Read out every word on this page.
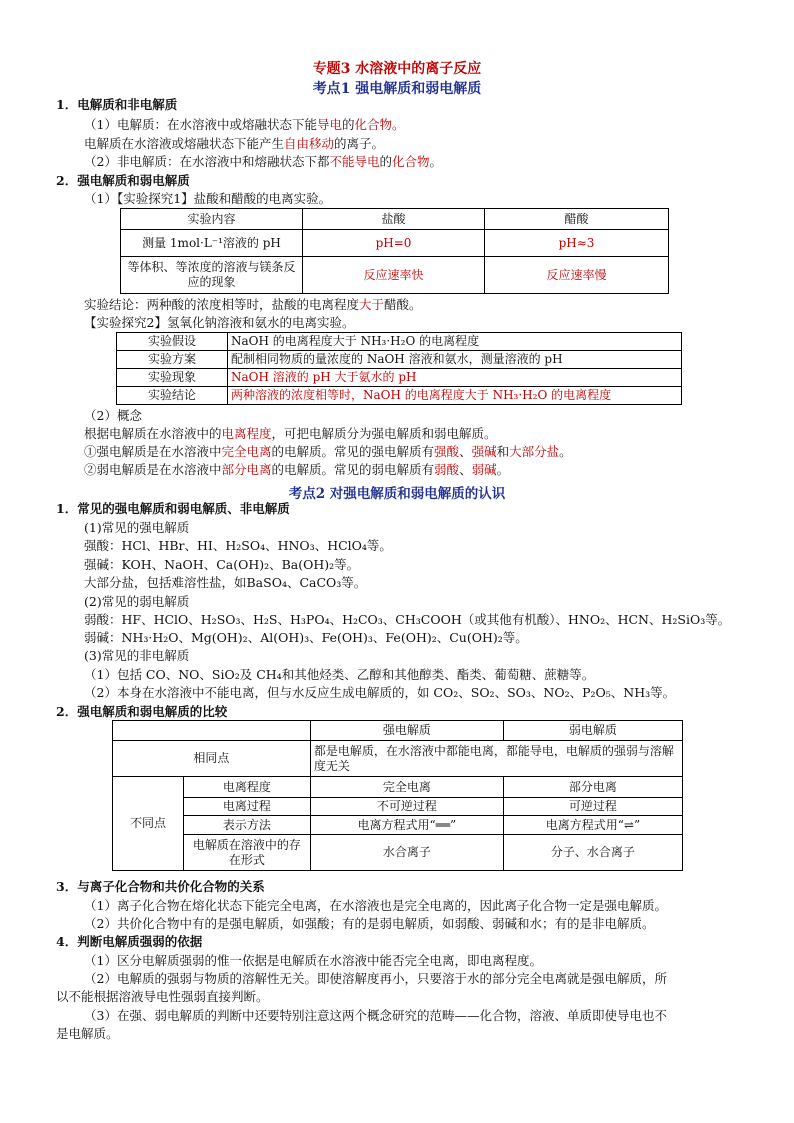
专题3 水溶液中的离子反应
考点1 强电解质和弱电解质
1．电解质和非电解质
（1）电解质：在水溶液中或熔融状态下能导电的化合物。
电解质在水溶液或熔融状态下能产生自由移动的离子。
（2）非电解质：在水溶液中和熔融状态下都不能导电的化合物。
2．强电解质和弱电解质
（1）【实验探究1】盐酸和醋酸的电离实验。
实验内容	盐酸	醋酸
测量 1mol·L⁻¹溶液的 pH	pH=0	pH≈3
等体积、等浓度的溶液与镁条反应的现象	反应速率快	反应速率慢
实验结论：两种酸的浓度相等时，盐酸的电离程度大于醋酸。
【实验探究2】氢氧化钠溶液和氨水的电离实验。
实验假设	NaOH 的电离程度大于 NH₃·H₂O 的电离程度
实验方案	配制相同物质的量浓度的 NaOH 溶液和氨水，测量溶液的 pH
实验现象	NaOH 溶液的 pH 大于氨水的 pH
实验结论	两种溶液的浓度相等时，NaOH 的电离程度大于 NH₃·H₂O 的电离程度
（2）概念
根据电解质在水溶液中的电离程度，可把电解质分为强电解质和弱电解质。
①强电解质是在水溶液中完全电离的电解质。常见的强电解质有强酸、强碱和大部分盐。
②弱电解质是在水溶液中部分电离的电解质。常见的弱电解质有弱酸、弱碱。
考点2 对强电解质和弱电解质的认识
1．常见的强电解质和弱电解质、非电解质
(1)常见的强电解质
强酸：HCl、HBr、HI、H₂SO₄、HNO₃、HClO₄等。
强碱：KOH、NaOH、Ca(OH)₂、Ba(OH)₂等。
大部分盐，包括难溶性盐，如BaSO₄、CaCO₃等。
(2)常见的弱电解质
弱酸：HF、HClO、H₂SO₃、H₂S、H₃PO₄、H₂CO₃、CH₃COOH（或其他有机酸）、HNO₂、HCN、H₂SiO₃等。
弱碱：NH₃·H₂O、Mg(OH)₂、Al(OH)₃、Fe(OH)₃、Fe(OH)₂、Cu(OH)₂等。
(3)常见的非电解质
（1）包括 CO、NO、SiO₂及 CH₄和其他烃类、乙醇和其他醇类、酯类、葡萄糖、蔗糖等。
（2）本身在水溶液中不能电离，但与水反应生成电解质的，如 CO₂、SO₂、SO₃、NO₂、P₂O₅、NH₃等。
2．强电解质和弱电解质的比较
		强电解质	弱电解质
相同点		都是电解质，在水溶液中都能电离，都能导电，电解质的强弱与溶解度无关	
不同点	电离程度	完全电离	部分电离
	电离过程	不可逆过程	可逆过程
	表示方法	电离方程式用“══”	电离方程式用“⇌”
	电解质在溶液中的存在形式	水合离子	分子、水合离子
3．与离子化合物和共价化合物的关系
（1）离子化合物在熔化状态下能完全电离，在水溶液也是完全电离的，因此离子化合物一定是强电解质。
（2）共价化合物中有的是强电解质，如强酸；有的是弱电解质，如弱酸、弱碱和水；有的是非电解质。
4．判断电解质强弱的依据
（1）区分电解质强弱的惟一依据是电解质在水溶液中能否完全电离，即电离程度。
（2）电解质的强弱与物质的溶解性无关。即使溶解度再小，只要溶于水的部分完全电离就是强电解质，所
以不能根据溶液导电性强弱直接判断。
（3）在强、弱电解质的判断中还要特别注意这两个概念研究的范畴——化合物，溶液、单质即使导电也不
是电解质。
